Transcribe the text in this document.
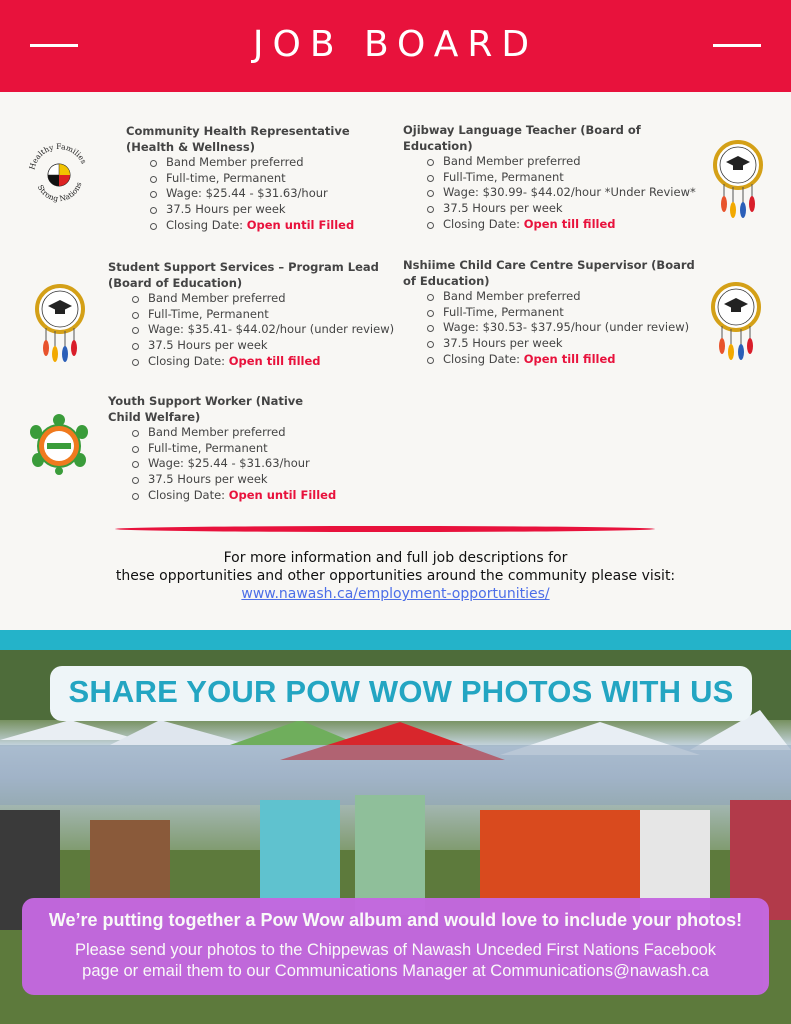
JOB BOARD
Healthy Families
Strong Nations
Community Health Representative (Health & Wellness)
Band Member preferred
Full-time, Permanent
Wage: $25.44 - $31.63/hour
37.5 Hours per week
Closing Date: Open until Filled
Ojibway Language Teacher (Board of Education)
Band Member preferred
Full-Time, Permanent
Wage: $30.99- $44.02/hour *Under Review*
37.5 Hours per week
Closing Date: Open till filled
Student Support Services – Program Lead (Board of Education)
Band Member preferred
Full-Time, Permanent
Wage: $35.41- $44.02/hour (under review)
37.5 Hours per week
Closing Date: Open till filled
Nshiime Child Care Centre Supervisor (Board of Education)
Band Member preferred
Full-Time, Permanent
Wage: $30.53- $37.95/hour (under review)
37.5 Hours per week
Closing Date: Open till filled
Youth Support Worker (Native Child Welfare)
Band Member preferred
Full-time, Permanent
Wage: $25.44 - $31.63/hour
37.5 Hours per week
Closing Date: Open until Filled
For more information and full job descriptions for
these opportunities and other opportunities around the community please visit:
www.nawash.ca/employment-opportunities/
SHARE YOUR POW WOW PHOTOS WITH US
We’re putting together a Pow Wow album and would love to include your photos!
Please send your photos to the Chippewas of Nawash Unceded First Nations Facebook
page or email them to our Communications Manager at Communications@nawash.ca
